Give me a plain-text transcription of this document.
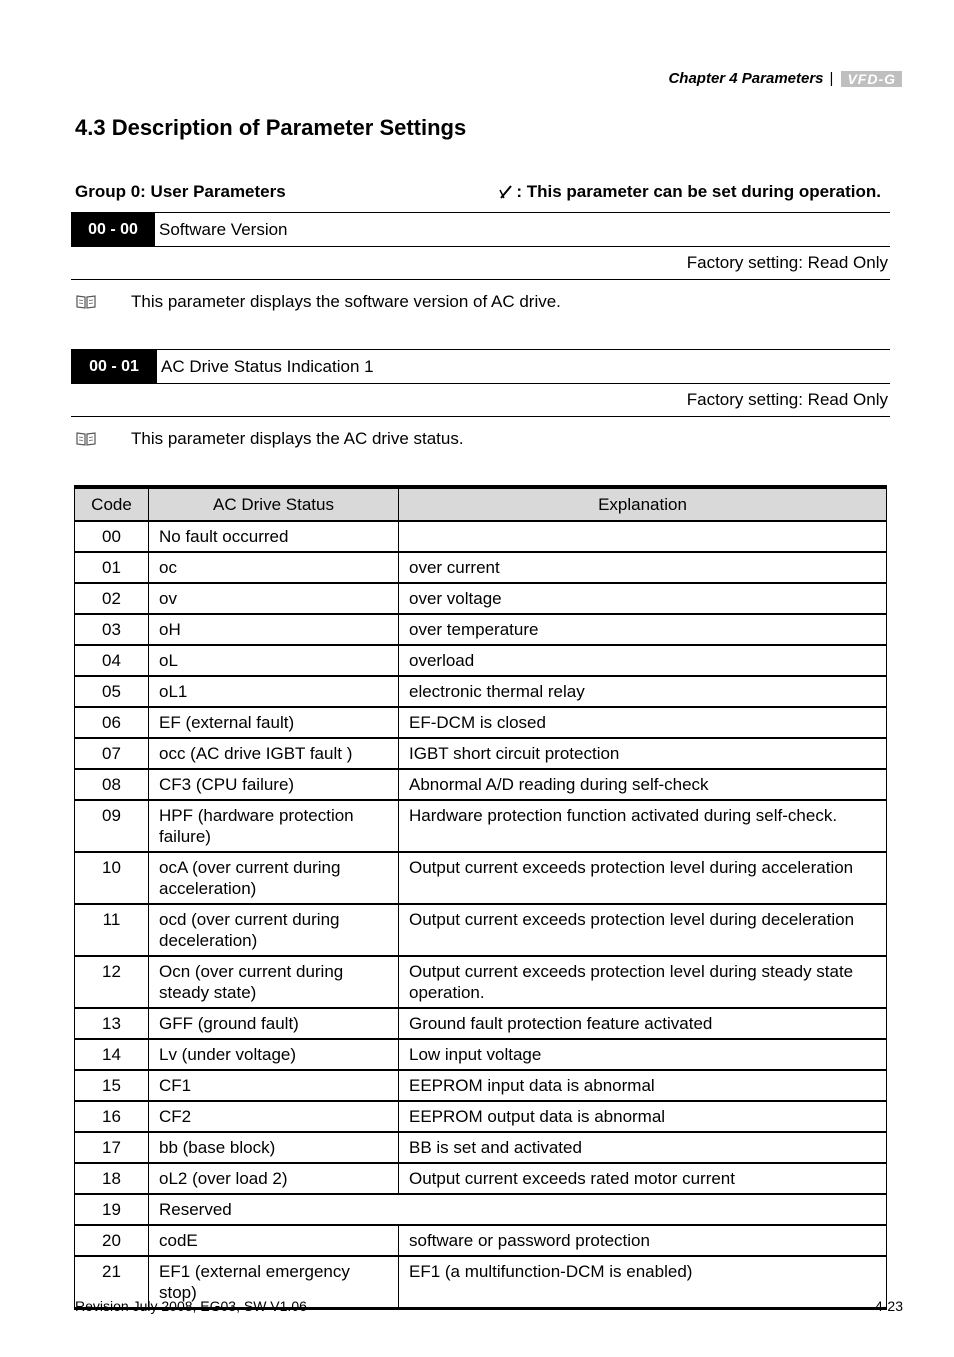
Chapter 4 Parameters |	VFD-G
4.3 Description of Parameter Settings
Group 0: User Parameters	: This parameter can be set during operation.
00 - 00	Software Version
Factory setting: Read Only
This parameter displays the software version of AC drive.
00 - 01	AC Drive Status Indication 1
Factory setting: Read Only
This parameter displays the AC drive status.
Code	AC Drive Status	Explanation
00	No fault occurred	
01	oc	over current
02	ov	over voltage
03	oH	over temperature
04	oL	overload
05	oL1	electronic thermal relay
06	EF (external fault)	EF-DCM is closed
07	occ (AC drive IGBT fault )	IGBT short circuit protection
08	CF3 (CPU failure)	Abnormal A/D reading during self-check
09	HPF (hardware protection failure)	Hardware protection function activated during self-check.
10	ocA (over current during acceleration)	Output current exceeds protection level during acceleration
11	ocd (over current during deceleration)	Output current exceeds protection level during deceleration
12	Ocn (over current during steady state)	Output current exceeds protection level during steady state operation.
13	GFF (ground fault)	Ground fault protection feature activated
14	Lv (under voltage)	Low input voltage
15	CF1	EEPROM input data is abnormal
16	CF2	EEPROM output data is abnormal
17	bb (base block)	BB is set and activated
18	oL2 (over load 2)	Output current exceeds rated motor current
19	Reserved	
20	codE	software or password protection
21	EF1 (external emergency stop)	EF1 (a multifunction-DCM is enabled)
Revision July 2008, EG03, SW V1.06	4-23
